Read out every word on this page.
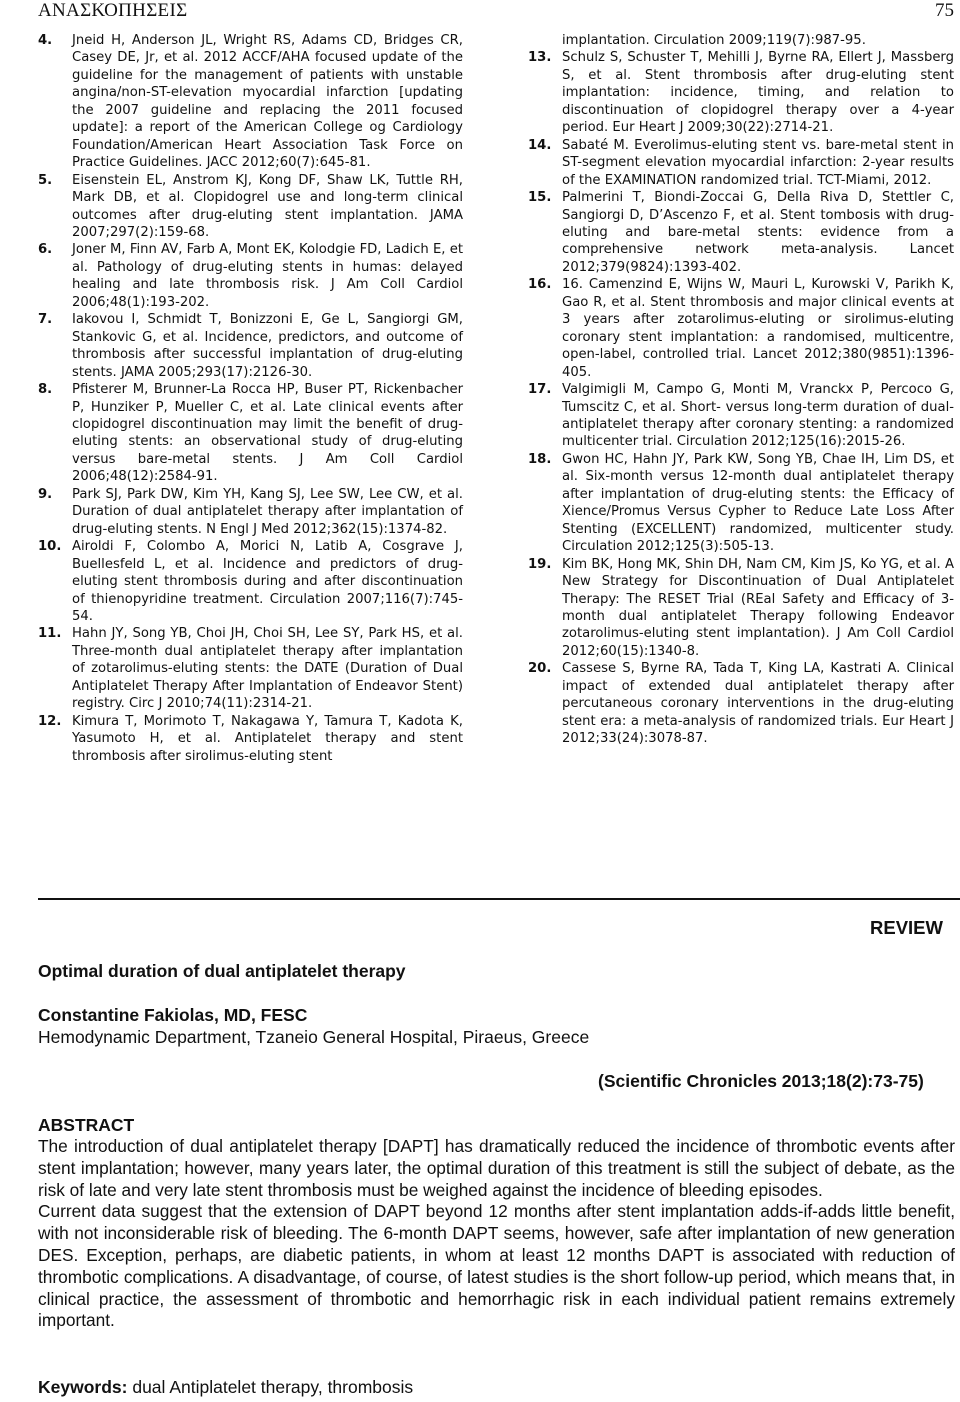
ΑΝΑΣΚΟΠΗΣΕΙΣ	75
4. Jneid H, Anderson JL, Wright RS, Adams CD, Bridges CR, Casey DE, Jr, et al. 2012 ACCF/AHA focused update of the guideline for the management of patients with unstable angina/non-ST-elevation myocardial infarction [updating the 2007 guideline and replacing the 2011 focused update]: a report of the American College og Cardiology Foundation/American Heart Association Task Force on Practice Guidelines. JACC 2012;60(7):645-81.
5. Eisenstein EL, Anstrom KJ, Kong DF, Shaw LK, Tuttle RH, Mark DB, et al. Clopidogrel use and long-term clinical outcomes after drug-eluting stent implantation. JAMA 2007;297(2):159-68.
6. Joner M, Finn AV, Farb A, Mont EK, Kolodgie FD, Ladich E, et al. Pathology of drug-eluting stents in humas: delayed healing and late thrombosis risk. J Am Coll Cardiol 2006;48(1):193-202.
7. Iakovou I, Schmidt T, Bonizzoni E, Ge L, Sangiorgi GM, Stankovic G, et al. Incidence, predictors, and outcome of thrombosis after successful implantation of drug-eluting stents. JAMA 2005;293(17):2126-30.
8. Pfisterer M, Brunner-La Rocca HP, Buser PT, Rickenbacher P, Hunziker P, Mueller C, et al. Late clinical events after clopidogrel discontinuation may limit the benefit of drug-eluting stents: an observational study of drug-eluting versus bare-metal stents. J Am Coll Cardiol 2006;48(12):2584-91.
9. Park SJ, Park DW, Kim YH, Kang SJ, Lee SW, Lee CW, et al. Duration of dual antiplatelet therapy after implantation of drug-eluting stents. N Engl J Med 2012;362(15):1374-82.
10. Airoldi F, Colombo A, Morici N, Latib A, Cosgrave J, Buellesfeld L, et al. Incidence and predictors of drug-eluting stent thrombosis during and after discontinuation of thienopyridine treatment. Circulation 2007;116(7):745-54.
11. Hahn JY, Song YB, Choi JH, Choi SH, Lee SY, Park HS, et al. Three-month dual antiplatelet therapy after implantation of zotarolimus-eluting stents: the DATE (Duration of Dual Antiplatelet Therapy After Implantation of Endeavor Stent) registry. Circ J 2010;74(11):2314-21.
12. Kimura T, Morimoto T, Nakagawa Y, Tamura T, Kadota K, Yasumoto H, et al. Antiplatelet therapy and stent thrombosis after sirolimus-eluting stent
implantation. Circulation 2009;119(7):987-95.
13. Schulz S, Schuster T, Mehilli J, Byrne RA, Ellert J, Massberg S, et al. Stent thrombosis after drug-eluting stent implantation: incidence, timing, and relation to discontinuation of clopidogrel therapy over a 4-year period. Eur Heart J 2009;30(22):2714-21.
14. Sabaté M. Everolimus-eluting stent vs. bare-metal stent in ST-segment elevation myocardial infarction: 2-year results of the EXAMINATION randomized trial. TCT-Miami, 2012.
15. Palmerini T, Biondi-Zoccai G, Della Riva D, Stettler C, Sangiorgi D, D’Ascenzo F, et al. Stent tombosis with drug-eluting and bare-metal stents: evidence from a comprehensive network meta-analysis. Lancet 2012;379(9824):1393-402.
16. 16. Camenzind E, Wijns W, Mauri L, Kurowski V, Parikh K, Gao R, et al. Stent thrombosis and major clinical events at 3 years after zotarolimus-eluting or sirolimus-eluting coronary stent implantation: a randomised, multicentre, open-label, controlled trial. Lancet 2012;380(9851):1396-405.
17. Valgimigli M, Campo G, Monti M, Vranckx P, Percoco G, Tumscitz C, et al. Short- versus long-term duration of dual-antiplatelet therapy after coronary stenting: a randomized multicenter trial. Circulation 2012;125(16):2015-26.
18. Gwon HC, Hahn JY, Park KW, Song YB, Chae IH, Lim DS, et al. Six-month versus 12-month dual antiplatelet therapy after implantation of drug-eluting stents: the Efficacy of Xience/Promus Versus Cypher to Reduce Late Loss After Stenting (EXCELLENT) randomized, multicenter study. Circulation 2012;125(3):505-13.
19. Kim BK, Hong MK, Shin DH, Nam CM, Kim JS, Ko YG, et al. A New Strategy for Discontinuation of Dual Antiplatelet Therapy: The RESET Trial (REal Safety and Efficacy of 3-month dual antiplatelet Therapy following Endeavor zotarolimus-eluting stent implantation). J Am Coll Cardiol 2012;60(15):1340-8.
20. Cassese S, Byrne RA, Tada T, King LA, Kastrati A. Clinical impact of extended dual antiplatelet therapy after percutaneous coronary interventions in the drug-eluting stent era: a meta-analysis of randomized trials. Eur Heart J 2012;33(24):3078-87.
REVIEW
Optimal duration of dual antiplatelet therapy
Constantine Fakiolas, MD, FESC
Hemodynamic Department, Tzaneio General Hospital, Piraeus, Greece
(Scientific Chronicles 2013;18(2):73-75)
ABSTRACT

The introduction of dual antiplatelet therapy [DAPT] has dramatically reduced the incidence of thrombotic events after stent implantation; however, many years later, the optimal duration of this treatment is still the subject of debate, as the risk of late and very late stent thrombosis must be weighed against the incidence of bleeding episodes.

Current data suggest that the extension of DAPT beyond 12 months after stent implantation adds-if-adds little benefit, with not inconsiderable risk of bleeding. The 6-month DAPT seems, however, safe after implantation of new generation DES. Exception, perhaps, are diabetic patients, in whom at least 12 months DAPT is associated with reduction of thrombotic complications. A disadvantage, of course, of latest studies is the short follow-up period, which means that, in clinical practice, the assessment of thrombotic and hemorrhagic risk in each individual patient remains extremely important.

Keywords: dual Antiplatelet therapy, thrombosis
